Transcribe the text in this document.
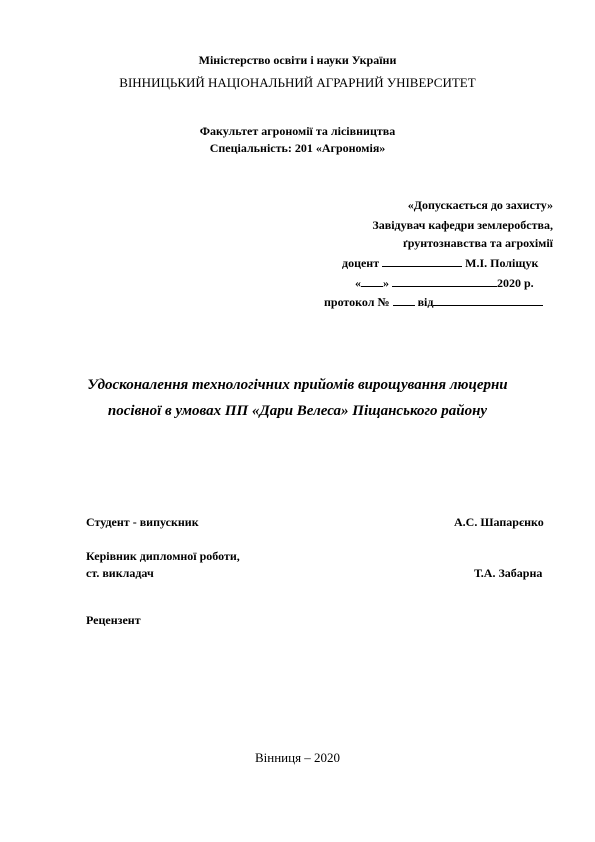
Міністерство освіти і науки України
ВІННИЦЬКИЙ НАЦІОНАЛЬНИЙ АГРАРНИЙ УНІВЕРСИТЕТ
Факультет агрономії та лісівництва
Спеціальність: 201 «Агрономія»
«Допускається до захисту»
Завідувач кафедри землеробства,
ґрунтознавства та агрохімії
доцент	М.І. Поліщук
« »	2020 р.
протокол № від
Удосконалення технологічних прийомів вирощування люцерни
посівної в умовах ПП «Дари Велеса» Піщанського району
Студент - випускник	А.С. Шапарєнко
Керівник дипломної роботи,
ст. викладач	Т.А. Забарна
Рецензент
Вінниця – 2020
